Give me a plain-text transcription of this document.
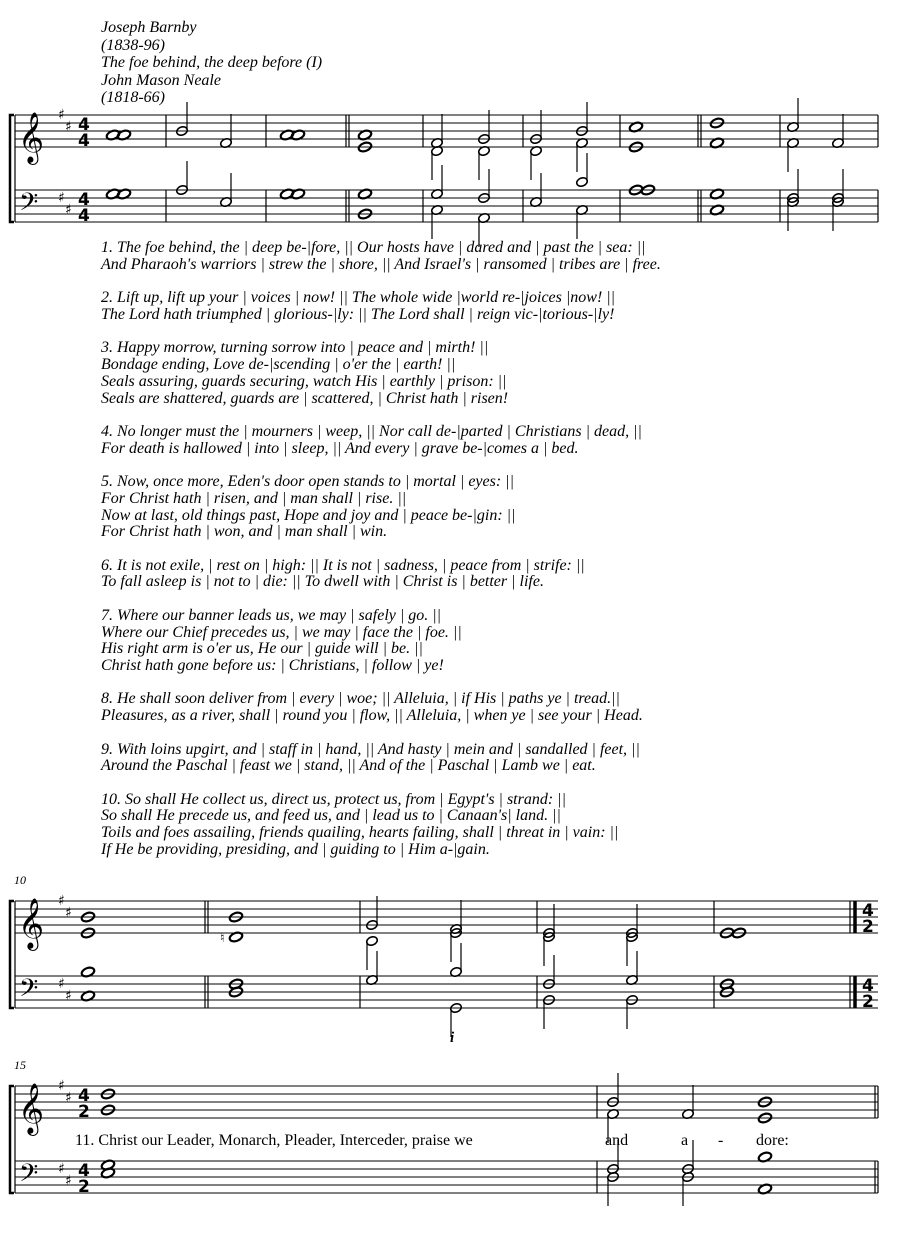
Joseph Barnby
(1838-96)
The foe behind, the deep before (I)
John Mason Neale
(1818-66)
𝄞
𝄢
♯
♯
♯
♯
4
4
4
4
𝄞
𝄢
♯
♯
♯
♯
4
2
4
2
♮
i
𝄞
𝄢
♯
♯
♯
♯
4
2
4
2
1. The foe behind, the | deep be-|fore, || Our hosts have | dared and | past the | sea: ||
And Pharaoh's warriors | strew the | shore, || And Israel's | ransomed | tribes are | free.
2. Lift up, lift up your | voices | now! || The whole wide |world re-|joices |now! ||
The Lord hath triumphed | glorious-|ly: || The Lord shall | reign vic-|torious-|ly!
3. Happy morrow, turning sorrow into | peace and | mirth! ||
Bondage ending, Love de-|scending | o'er the | earth! ||
Seals assuring, guards securing, watch His | earthly | prison: ||
Seals are shattered, guards are | scattered, | Christ hath | risen!
4. No longer must the | mourners | weep, || Nor call de-|parted | Christians | dead, ||
For death is hallowed | into | sleep, || And every | grave be-|comes a | bed.
5. Now, once more, Eden's door open stands to | mortal | eyes: ||
For Christ hath | risen, and | man shall | rise. ||
Now at last, old things past, Hope and joy and | peace be-|gin: ||
For Christ hath | won, and | man shall | win.
6. It is not exile, | rest on | high: || It is not | sadness, | peace from | strife: ||
To fall asleep is | not to | die: || To dwell with | Christ is | better | life.
7. Where our banner leads us, we may | safely | go. ||
Where our Chief precedes us, | we may | face the | foe. ||
His right arm is o'er us, He our | guide will | be. ||
Christ hath gone before us: | Christians, | follow | ye!
8. He shall soon deliver from | every | woe; || Alleluia, | if His | paths ye | tread.||
Pleasures, as a river, shall | round you | flow, || Alleluia, | when ye | see your | Head.
9. With loins upgirt, and | staff in | hand, || And hasty | mein and | sandalled | feet, ||
Around the Paschal | feast we | stand, || And of the | Paschal | Lamb we | eat.
10. So shall He collect us, direct us, protect us, from | Egypt's | strand: ||
So shall He precede us, and feed us, and | lead us to | Canaan's| land. ||
Toils and foes assailing, friends quailing, hearts failing, shall | threat in | vain: ||
If He be providing, presiding, and | guiding to | Him a-|gain.
10
15
11. Christ our Leader, Monarch, Pleader, Interceder, praise we	and	a - dore:
